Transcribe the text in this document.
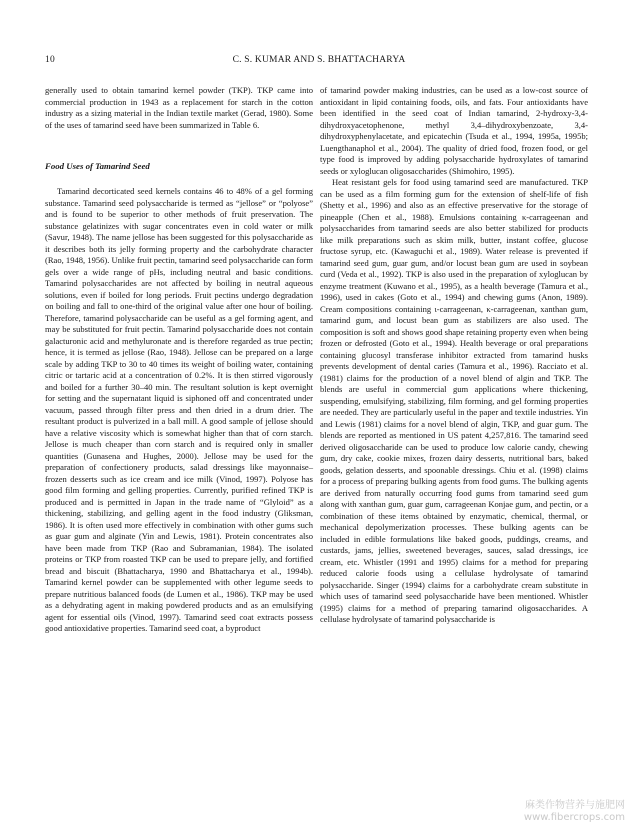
10	C. S. KUMAR AND S. BHATTACHARYA

generally used to obtain tamarind kernel powder (TKP). TKP came into commercial production in 1943 as a replacement for starch in the cotton industry as a sizing material in the Indian textile market (Gerad, 1980). Some of the uses of tamarind seed have been summarized in Table 6.

Food Uses of Tamarind Seed

Tamarind decorticated seed kernels contains 46 to 48% of a gel forming substance. Tamarind seed polysaccharide is termed as “jellose” or “polyose” and is found to be superior to other methods of fruit preservation. The substance gelatinizes with sugar concentrates even in cold water or milk (Savur, 1948). The name jellose has been suggested for this polysaccharide as it describes both its jelly forming property and the carbohydrate character (Rao, 1948, 1956). Unlike fruit pectin, tamarind seed polysaccharide can form gels over a wide range of pHs, including neutral and basic conditions. Tamarind polysaccharides are not affected by boiling in neutral aqueous solutions, even if boiled for long periods. Fruit pectins undergo degradation on boiling and fall to one-third of the original value after one hour of boiling. Therefore, tamarind polysaccharide can be useful as a gel forming agent, and may be substituted for fruit pectin. Tamarind polysaccharide does not contain galacturonic acid and methyluronate and is therefore regarded as true pectin; hence, it is termed as jellose (Rao, 1948). Jellose can be prepared on a large scale by adding TKP to 30 to 40 times its weight of boiling water, containing citric or tartaric acid at a concentration of 0.2%. It is then stirred vigorously and boiled for a further 30–40 min. The resultant solution is kept overnight for setting and the supernatant liquid is siphoned off and concentrated under vacuum, passed through filter press and then dried in a drum drier. The resultant product is pulverized in a ball mill. A good sample of jellose should have a relative viscosity which is somewhat higher than that of corn starch. Jellose is much cheaper than corn starch and is required only in smaller quantities (Gunasena and Hughes, 2000). Jellose may be used for the preparation of confectionery products, salad dressings like mayonnaise–frozen desserts such as ice cream and ice milk (Vinod, 1997). Polyose has good film forming and gelling properties. Currently, purified refined TKP is produced and is permitted in Japan in the trade name of “Glyloid” as a thickening, stabilizing, and gelling agent in the food industry (Gliksman, 1986). It is often used more effectively in combination with other gums such as guar gum and alginate (Yin and Lewis, 1981). Protein concentrates also have been made from TKP (Rao and Subramanian, 1984). The isolated proteins or TKP from roasted TKP can be used to prepare jelly, and fortified bread and biscuit (Bhattacharya, 1990 and Bhattacharya et al., 1994b). Tamarind kernel powder can be supplemented with other legume seeds to prepare nutritious balanced foods (de Lumen et al., 1986). TKP may be used as a dehydrating agent in making powdered products and as an emulsifying agent for essential oils (Vinod, 1997). Tamarind seed coat extracts possess good antioxidative properties. Tamarind seed coat, a byproduct

of tamarind powder making industries, can be used as a low-cost source of antioxidant in lipid containing foods, oils, and fats. Four antioxidants have been identified in the seed coat of Indian tamarind, 2-hydroxy-3,4-dihydroxyacetophenone, methyl 3,4–dihydroxybenzoate, 3,4-dihydroxyphenylacetate, and epicatechin (Tsuda et al., 1994, 1995a, 1995b; Luengthanaphol et al., 2004). The quality of dried food, frozen food, or gel type food is improved by adding polysaccharide hydroxylates of tamarind seeds or xyloglucan oligosaccharides (Shimohiro, 1995).

Heat resistant gels for food using tamarind seed are manufactured. TKP can be used as a film forming gum for the extension of shelf-life of fish (Shetty et al., 1996) and also as an effective preservative for the storage of pineapple (Chen et al., 1988). Emulsions containing κ-carrageenan and polysaccharides from tamarind seeds are also better stabilized for products like milk preparations such as skim milk, butter, instant coffee, glucose fructose syrup, etc. (Kawaguchi et al., 1989). Water release is prevented if tamarind seed gum, guar gum, and/or locust bean gum are used in soybean curd (Veda et al., 1992). TKP is also used in the preparation of xyloglucan by enzyme treatment (Kuwano et al., 1995), as a health beverage (Tamura et al., 1996), used in cakes (Goto et al., 1994) and chewing gums (Anon, 1989). Cream compositions containing ι-carrageenan, κ-carrageenan, xanthan gum, tamarind gum, and locust bean gum as stabilizers are also used. The composition is soft and shows good shape retaining property even when being frozen or defrosted (Goto et al., 1994). Health beverage or oral preparations containing glucosyl transferase inhibitor extracted from tamarind husks prevents development of dental caries (Tamura et al., 1996). Racciato et al. (1981) claims for the production of a novel blend of algin and TKP. The blends are useful in commercial gum applications where thickening, suspending, emulsifying, stabilizing, film forming, and gel forming properties are needed. They are particularly useful in the paper and textile industries. Yin and Lewis (1981) claims for a novel blend of algin, TKP, and guar gum. The blends are reported as mentioned in US patent 4,257,816. The tamarind seed derived oligosaccharide can be used to produce low calorie candy, chewing gum, dry cake, cookie mixes, frozen dairy desserts, nutritional bars, baked goods, gelation desserts, and spoonable dressings. Chiu et al. (1998) claims for a process of preparing bulking agents from food gums. The bulking agents are derived from naturally occurring food gums from tamarind seed gum along with xanthan gum, guar gum, carrageenan Konjae gum, and pectin, or a combination of these items obtained by enzymatic, chemical, thermal, or mechanical depolymerization processes. These bulking agents can be included in edible formulations like baked goods, puddings, creams, and custards, jams, jellies, sweetened beverages, sauces, salad dressings, ice cream, etc. Whistler (1991 and 1995) claims for a method for preparing reduced calorie foods using a cellulase hydrolysate of tamarind polysaccharide. Singer (1994) claims for a carbohydrate cream substitute in which uses of tamarind seed polysaccharide have been mentioned. Whistler (1995) claims for a method of preparing tamarind oligosaccharides. A cellulase hydrolysate of tamarind polysaccharide is

麻类作物营养与施肥网
www.fibercrops.com
